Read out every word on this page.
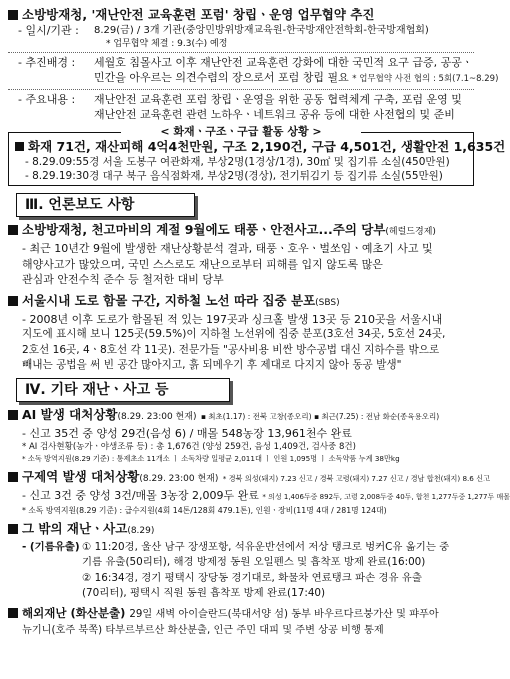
소방방재청, '재난안전 교육훈련 포럼' 창립ㆍ운영 업무협약 추진
- 일시/기관 :	8.29(금) / 3개 기관(중앙민방위방재교육원-한국방재안전학회-한국방재협회)
* 업무협약 체결 : 9.3(수) 예정
- 추진배경 :	세월호 침몰사고 이후 재난안전 교육훈련 강화에 대한 국민적 요구 급증, 공공ㆍ
민간을 아우르는 의견수렴의 장으로서 포럼 창립 필요 * 업무협약 사전 협의 : 5회(7.1~8.29)
- 주요내용 :	재난안전 교육훈련 포럼 창립ㆍ운영을 위한 공동 협력체계 구축, 포럼 운영 및
재난안전 교육훈련 관련 노하우ㆍ네트워크 공유 등에 대한 사전협의 및 준비
< 화재ㆍ구조ㆍ구급 활동 상황 >
화재 71건, 재산피해 4억4천만원, 구조 2,190건, 구급 4,501건, 생활안전 1,635건
- 8.29.09:55경 서울 도봉구 여관화재, 부상2명(1경상/1경), 30㎡ 및 집기류 소실(450만원)
- 8.29.19:30경 대구 북구 음식점화재, 부상2명(경상), 전기튀김기 등 집기류 소실(55만원)
Ⅲ. 언론보도 사항
소방방재청, 천고마비의 계절 9월에도 태풍ㆍ안전사고...주의 당부(헤럴드경제)
- 최근 10년간 9월에 발생한 재난상황분석 결과, 태풍ㆍ호우ㆍ벌쏘임ㆍ예초기 사고 및
해양사고가 많았으며, 국민 스스로도 재난으로부터 피해를 입지 않도록 많은
관심과 안전수칙 준수 등 철저한 대비 당부
서울시내 도로 함몰 구간, 지하철 노선 따라 집중 분포(SBS)
- 2008년 이후 도로가 함몰된 적 있는 197곳과 싱크홀 발생 13곳 등 210곳을 서울시내
지도에 표시해 보니 125곳(59.5%)이 지하철 노선위에 집중 분포(3호선 34곳, 5호선 24곳,
2호선 16곳, 4ㆍ8호선 각 11곳). 전문가들 "공사비용 비싼 방수공법 대신 지하수를 밖으로
빼내는 공법을 써 빈 공간 많아지고, 흙 되메우기 후 제대로 다지지 않아 동공 발생"
Ⅳ. 기타 재난ㆍ사고 등
AI 발생 대처상황(8.29. 23:00 현재) ▪ 최초(1.17) : 전북 고창(종오리) ▪ 최근(7.25) : 전남 화순(종육용오리)
- 신고 35건 중 양성 29건(음성 6) / 매몰 548농장 13,961천수 완료
* AI 검사현황(농가ㆍ야생조류 등) : 총 1,676건 (양성 259건, 음성 1,409건, 검사중 8건)
* 소독 방역지원(8.29 기준) : 통제초소 11개소 ㅣ 소독차량 일평균 2,011대 ㅣ 인원 1,095명 ㅣ 소독약품 누계 38만kg
구제역 발생 대처상황(8.29. 23:00 현재) * 경북 의성(돼지) 7.23 신고 / 경북 고령(돼지) 7.27 신고 / 경남 합천(돼지) 8.6 신고
- 신고 3건 중 양성 3건/매몰 3농장 2,009두 완료 * 의성 1,406두중 892두, 고령 2,008두중 40두, 합천 1,277두중 1,277두 매몰
* 소독 방역지원(8.29 기준) : 급수지원(4회 14톤/128회 479.1톤), 인원ㆍ장비(11명 4대 / 281명 124대)
그 밖의 재난ㆍ사고(8.29)
- (기름유출) ① 11:20경, 울산 남구 장생포항, 석유운반선에서 저상 탱크로 벙커C유 옮기는 중
기름 유출(50리터), 해경 방제정 동원 오일펜스 및 흡착포 방제 완료(16:00)
② 16:34경, 경기 평택시 장당동 경기대로, 화물차 연료탱크 파손 경유 유출
(70리터), 평택시 직원 동원 흡착포 방제 완료(17:40)
해외재난 (화산분출) 29일 새벽 아이슬란드(북대서양 섬) 동부 바우르다르붕가산 및 퍄푸아
뉴기니(호주 북쪽) 타부르부르산 화산분출, 인근 주민 대피 및 주변 상공 비행 통제
